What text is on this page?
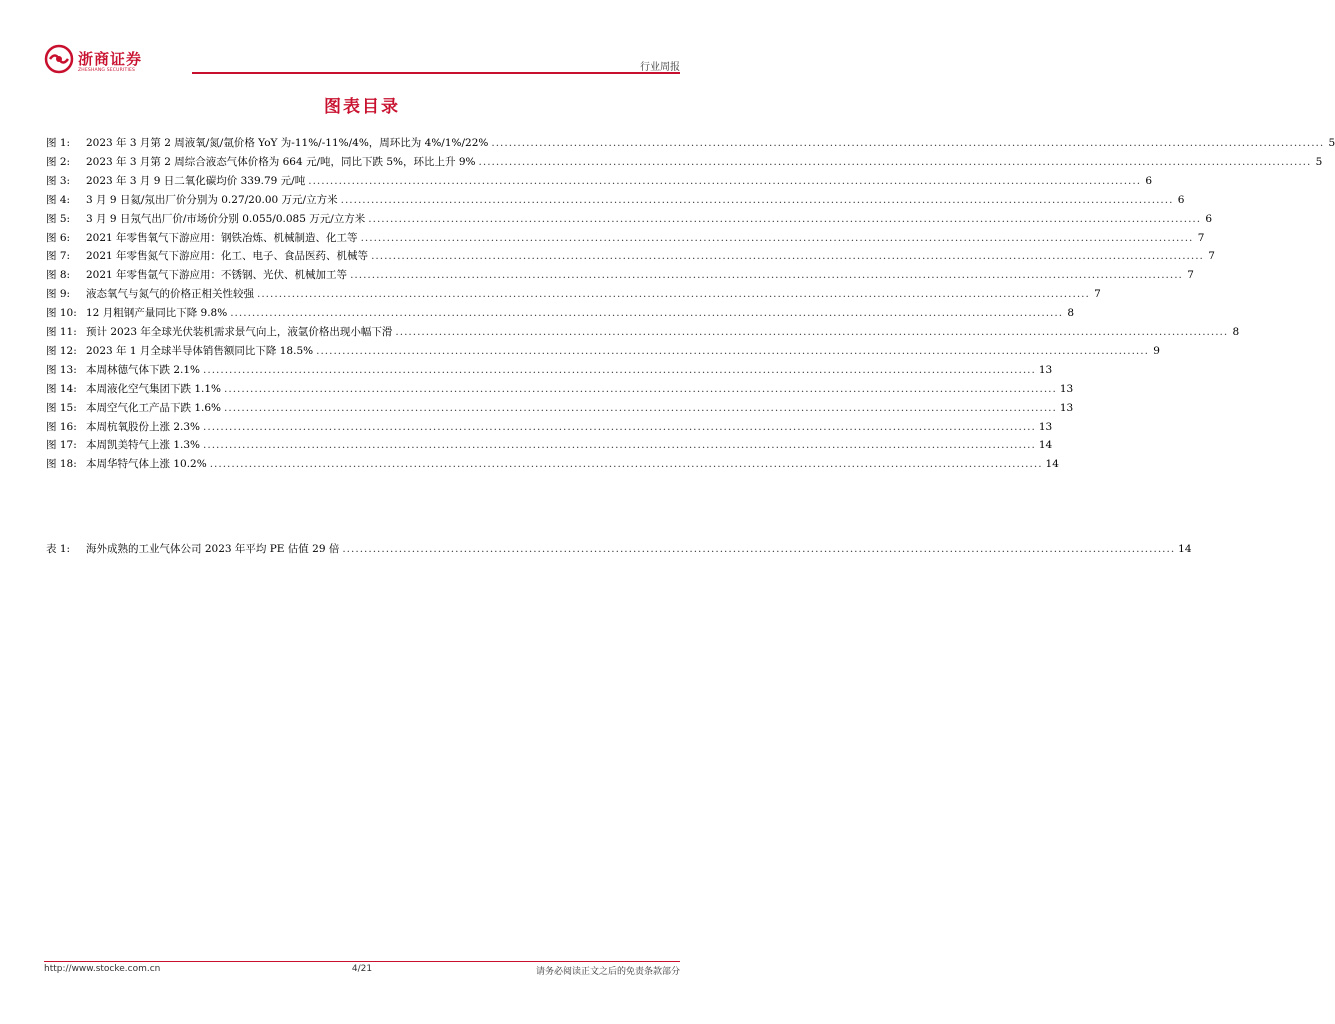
浙商证券
ZHESHANG SECURITIES	行业周报
图表目录
图 1:	2023 年 3 月第 2 周液氧/氮/氩价格 YoY 为-11%/-11%/4%，周环比为 4%/1%/22% .....	5
图 2:	2023 年 3 月第 2 周综合液态气体价格为 664 元/吨，同比下跌 5%，环比上升 9% .....	5
图 3:	2023 年 3 月 9 日二氧化碳均价 339.79 元/吨 .....	6
图 4:	3 月 9 日氦/氖出厂价分别为 0.27/20.00 万元/立方米 .....	6
图 5:	3 月 9 日氖气出厂价/市场价分别 0.055/0.085 万元/立方米 .....	6
图 6:	2021 年零售氧气下游应用：钢铁冶炼、机械制造、化工等 .....	7
图 7:	2021 年零售氮气下游应用：化工、电子、食品医药、机械等 .....	7
图 8:	2021 年零售氩气下游应用：不锈钢、光伏、机械加工等 .....	7
图 9:	液态氧气与氮气的价格正相关性较强 .....	7
图 10: 12 月粗钢产量同比下降 9.8% .....	8
图 11: 预计 2023 年全球光伏装机需求景气向上，液氩价格出现小幅下滑 .....	8
图 12: 2023 年 1 月全球半导体销售额同比下降 18.5% .....	9
图 13: 本周林德气体下跌 2.1% .....	13
图 14: 本周液化空气集团下跌 1.1% .....	13
图 15: 本周空气化工产品下跌 1.6% .....	13
图 16: 本周杭氧股份上涨 2.3% .....	13
图 17: 本周凯美特气上涨 1.3% .....	14
图 18: 本周华特气体上涨 10.2% .....	14
表 1:	海外成熟的工业气体公司 2023 年平均 PE 估值 29 倍 .....	14
http://www.stocke.com.cn	4/21	请务必阅读正文之后的免责条款部分
